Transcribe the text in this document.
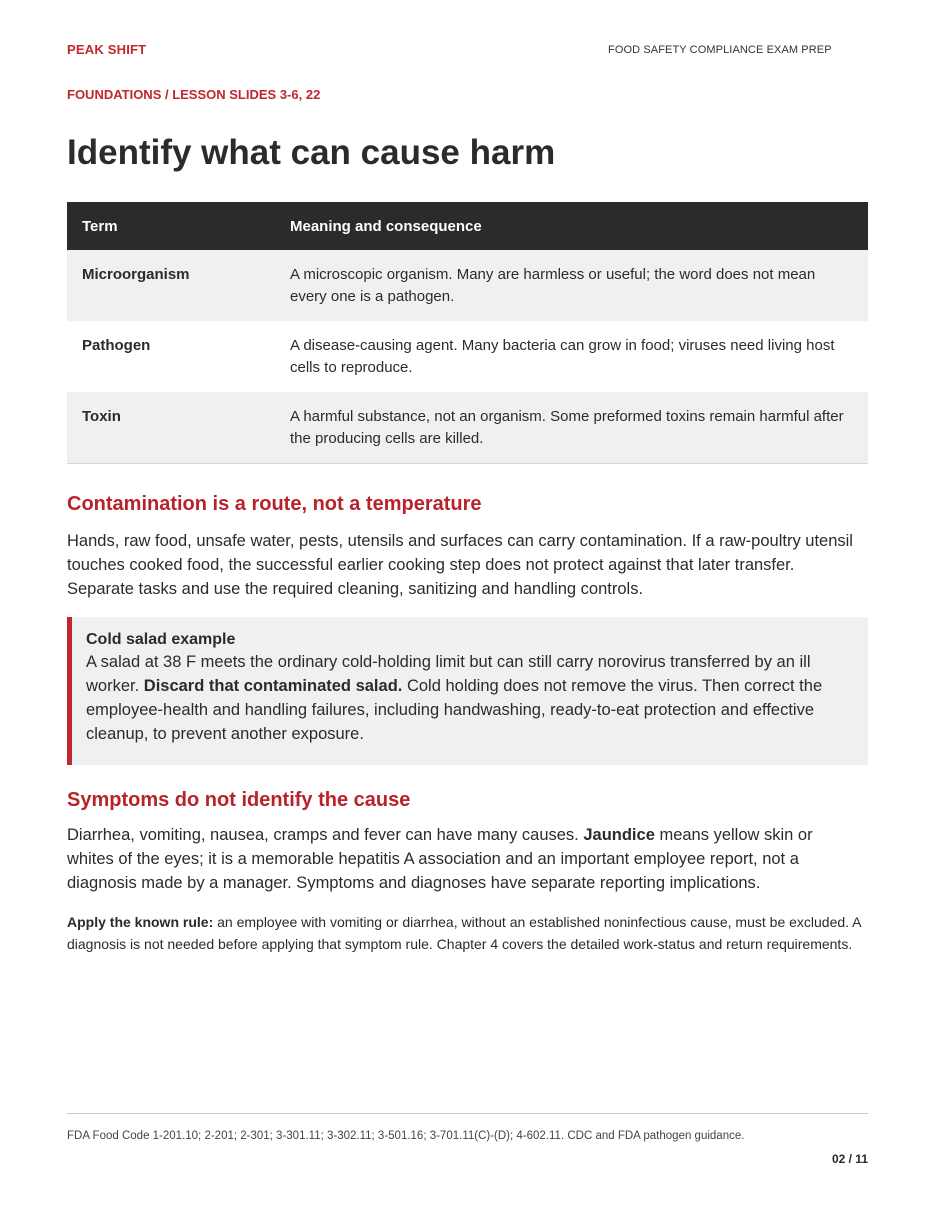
PEAK SHIFT	FOOD SAFETY COMPLIANCE EXAM PREP
FOUNDATIONS / LESSON SLIDES 3-6, 22
Identify what can cause harm
Term	Meaning and consequence
Microorganism	A microscopic organism. Many are harmless or useful; the word does not mean every one is a pathogen.
Pathogen	A disease-causing agent. Many bacteria can grow in food; viruses need living host cells to reproduce.
Toxin	A harmful substance, not an organism. Some preformed toxins remain harmful after the producing cells are killed.
Contamination is a route, not a temperature

Hands, raw food, unsafe water, pests, utensils and surfaces can carry contamination. If a raw-poultry utensil touches cooked food, the successful earlier cooking step does not protect against that later transfer. Separate tasks and use the required cleaning, sanitizing and handling controls.

Cold salad example
A salad at 38 F meets the ordinary cold-holding limit but can still carry norovirus transferred by an ill worker. Discard that contaminated salad. Cold holding does not remove the virus. Then correct the employee-health and handling failures, including handwashing, ready-to-eat protection and effective cleanup, to prevent another exposure.
Symptoms do not identify the cause

Diarrhea, vomiting, nausea, cramps and fever can have many causes. Jaundice means yellow skin or whites of the eyes; it is a memorable hepatitis A association and an important employee report, not a diagnosis made by a manager. Symptoms and diagnoses have separate reporting implications.

Apply the known rule: an employee with vomiting or diarrhea, without an established noninfectious cause, must be excluded. A diagnosis is not needed before applying that symptom rule. Chapter 4 covers the detailed work-status and return requirements.

FDA Food Code 1-201.10; 2-201; 2-301; 3-301.11; 3-302.11; 3-501.16; 3-701.11(C)-(D); 4-602.11. CDC and FDA pathogen guidance.
02 / 11
